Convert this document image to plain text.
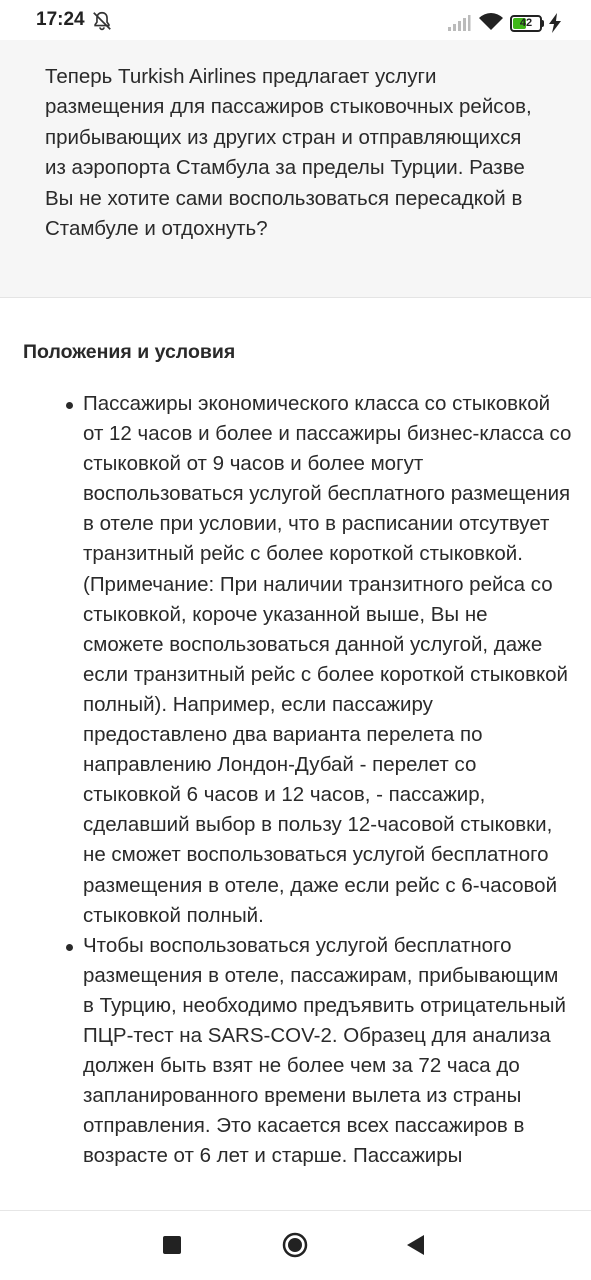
17:24	42
Теперь Turkish Airlines предлагает услуги размещения для пассажиров стыковочных рейсов, прибывающих из других стран и отправляющихся из аэропорта Стамбула за пределы Турции. Разве Вы не хотите сами воспользоваться пересадкой в Стамбуле и отдохнуть?
Положения и условия
Пассажиры экономического класса со стыковкой от 12 часов и более и пассажиры бизнес-класса со стыковкой от 9 часов и более могут воспользоваться услугой бесплатного размещения в отеле при условии, что в расписании отсутвует транзитный рейс с более короткой стыковкой. (Примечание: При наличии транзитного рейса со стыковкой, короче указанной выше, Вы не сможете воспользоваться данной услугой, даже если транзитный рейс с более короткой стыковкой полный). Например, если пассажиру предоставлено два варианта перелета по направлению Лондон-Дубай - перелет со стыковкой 6 часов и 12 часов, - пассажир, сделавший выбор в пользу 12-часовой стыковки, не сможет воспользоваться услугой бесплатного размещения в отеле, даже если рейс с 6-часовой стыковкой полный.
Чтобы воспользоваться услугой бесплатного размещения в отеле, пассажирам, прибывающим в Турцию, необходимо предъявить отрицательный ПЦР-тест на SARS-COV-2. Образец для анализа должен быть взят не более чем за 72 часа до запланированного времени вылета из страны отправления. Это касается всех пассажиров в возрасте от 6 лет и старше. Пассажиры
